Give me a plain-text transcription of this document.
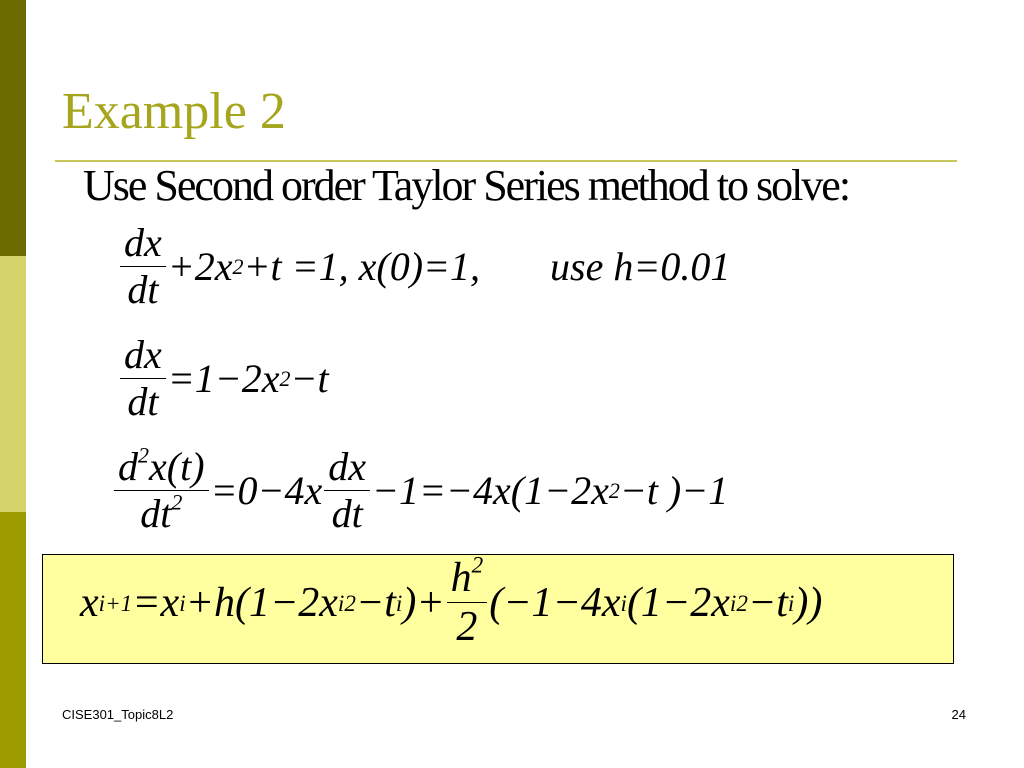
Example 2
Use Second order Taylor Series method to solve:
$\frac{dx}{dt} +2x$ 2 +t =1, x(0)=1, use h=0.01
$\frac{dx}{dt} =1-2x$ 2 −t
$\frac{d^2x(t)}{dt^2} =0-4x \frac{dx}{dt} -1=-4x(1-2x$ 2 −t )−1
x i+1 =x i +h(1−2x i 2 −t i )+ $\frac{h^2}{2} (-1-4x$ i (1−2x i 2 −t i ))
CISE301_Topic8L2	24
